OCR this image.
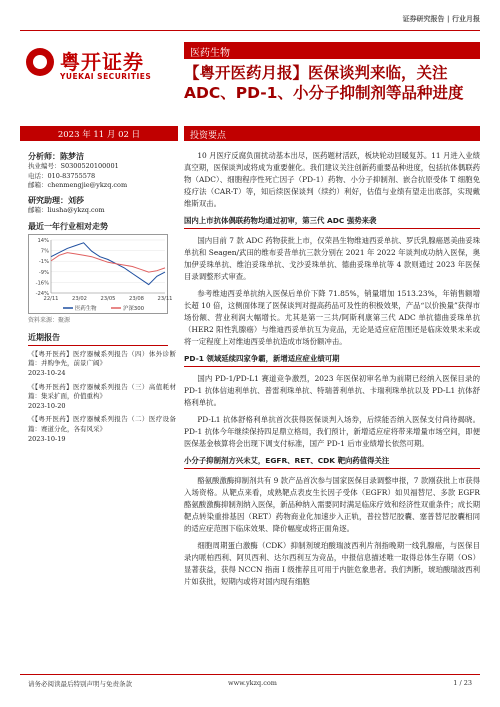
证券研究报告 | 行业月报
粤开证券
YUEKAI SECURITIES
医药生物
【粤开医药月报】医保谈判来临，关注 ADC、PD-1、小分子抑制剂等品种进度
2023 年 11 月 02 日	投资要点
分析师：陈梦洁
执业编号：S0300520100001
电话：010-83755578
邮箱：chenmengjie@ykzq.com
研究助理：刘莎
邮箱：liusha@ykzq.com
最近一年行业相对走势
14%
7%
-1%
-9%
-16%
-24%
22/11	23/02	23/05	23/08	23/11
医药生物	沪深300
资料来源：聚源
近期报告
《【粤开医药】医疗器械系列报告（四）体外诊断篇：并购争先，前景广阔》
2023-10-24
《【粤开医药】医疗器械系列报告（三）高值耗材篇：集采扩面，价值重构》
2023-10-20
《【粤开医药】医疗器械系列报告（二）医疗设备篇：赛道分化，各有风采》
2023-10-19

10 月医疗反腐负面扰动基本出尽，医药题材活跃，板块轮动回暖复苏。11 月进入业绩真空期，医保谈判或将成为重要催化。我们建议关注创新药重要品种进度，包括抗体偶联药物（ADC）、细胞程序性死亡因子（PD-1）药物、小分子抑制剂、嵌合抗原受体 T 细胞免疫疗法（CAR-T）等，知后续医保谈判（续约）利好，估值与业绩有望走出底部，实现戴维斯双击。

国内上市抗体偶联药物均通过初审，第三代 ADC 强势来袭

国内目前 7 款 ADC 药物获批上市，仅荣昌生物维迪西妥单抗、罗氏乳腺癌恩美曲妥珠单抗和 Seagen/武田的维布妥昔单抗三款分别在 2021 年 2022 年谈判成功纳入医保，奥加伊妥珠单抗、维泊妥珠单抗、戈沙妥珠单抗、德曲妥珠单抗等 4 款则通过 2023 年医保目录调整形式审查。

参考维迪西妥单抗纳入医保后单价下降 71.85%，销量增加 1513.23%，年销售额增长超 10 倍，这侧面体现了医保谈判对提高药品可及性的积极效果，产品“以价换量”获得市场份额、营业利润大幅增长。尤其是第一三共/阿斯利康第三代 ADC 单抗德曲妥珠单抗（HER2 阳性乳腺癌）与维迪西妥单抗互为竞品，无论是适应症范围还是临床效果未来或将一定程度上对维迪西妥单抗造成市场份额冲击。

PD-1 领域延续四家争霸，新增适应症业绩可期

国内 PD-1/PD-L1 赛道竞争激烈，2023 年医保初审名单为前期已经纳入医保目录的 PD-1 抗体信迪利单抗、普雷利珠单抗、特瑞普利单抗、卡瑞利珠单抗以及 PD-L1 抗体舒格利单抗。

PD-L1 抗体舒格利单抗首次获得医保谈判入场券，后续能否纳入医保支付尚待揭晓。PD-1 抗体今年继续保持四足鼎立格局，我们预计，新增适应症将带来增量市场空间，即便医保基金核算将会出现下调支付标准，国产 PD-1 后市业绩增长依然可期。

小分子抑制剂方兴未艾，EGFR、RET、CDK 靶向药值得关注

酪氨酸激酶抑制剂共有 9 款产品首次参与国家医保目录调整申报，7 款刚获批上市获得入场资格。从靶点来看，成熟靶点表皮生长因子受体（EGFR）如贝福替尼、多款 EGFR 酪氨酸激酶抑制剂纳入医保，新品种纳入需要同时满足临床疗效和经济性双重条件；成长期靶点转染重排基因（RET）药物商业化加速步入正轨，普拉替尼胶囊、塞普替尼胶囊相同的适应症范围下临床效果、降价幅度或将正面角逐。

细胞周期蛋白激酶（CDK）抑制剂琥珀酸瑞波西利片剂指晚期一线乳腺癌，与医保目录内哌柏西利、阿贝西利、达尔西利互为竞品，中报信息描述唯一取得总体生存期（OS）显著获益，获得 NCCN 指南 I 级推荐且可用于内脏危象患者。我们判断，琥珀酸瑞波西利片如获批，短期内或将对国内现有细胞

请务必阅读最后特别声明与免责条款	www.ykzq.com	1 / 23
